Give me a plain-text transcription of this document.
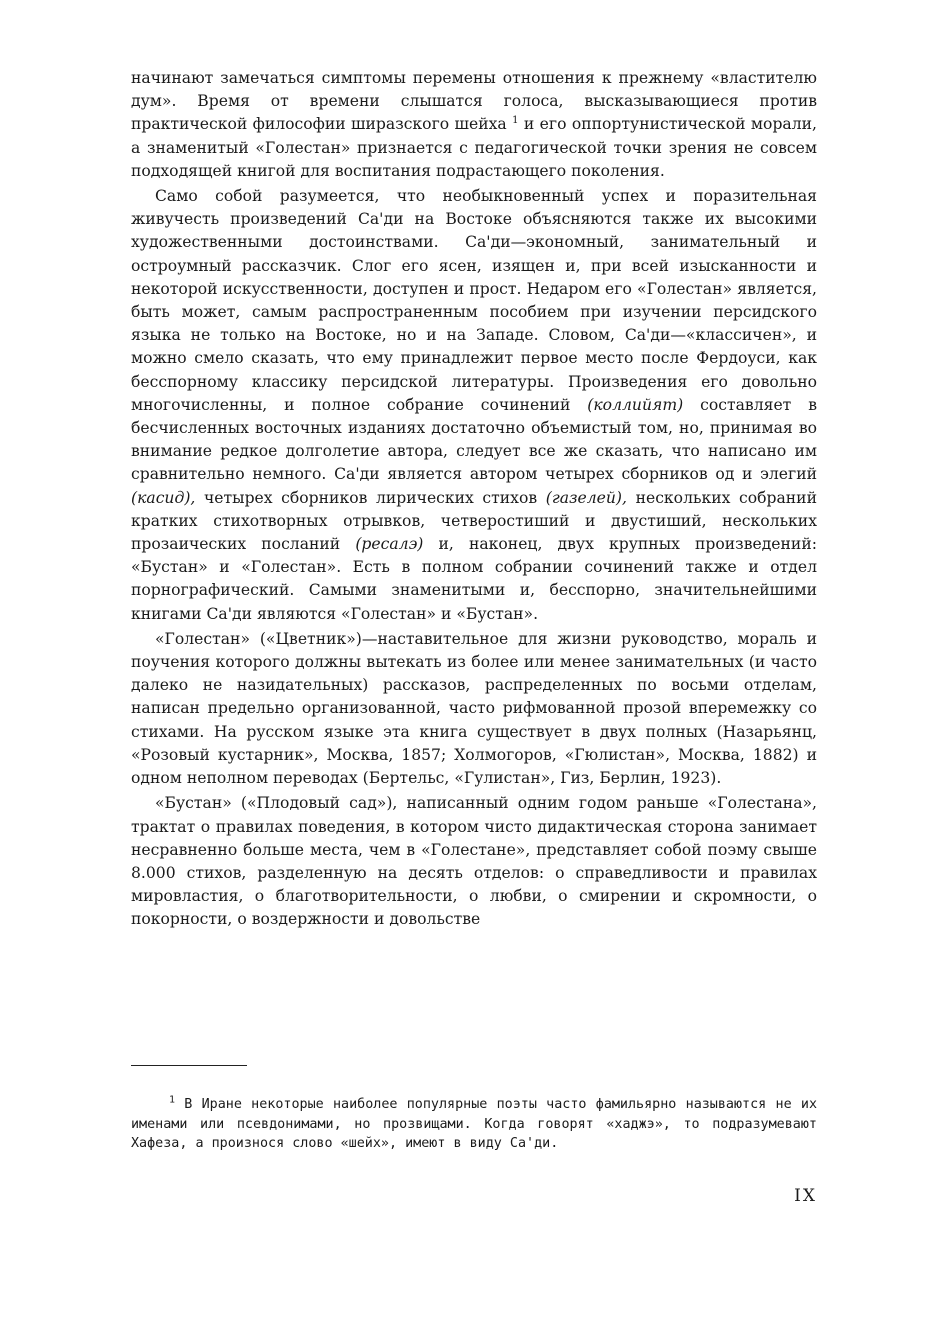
начинают замечаться симптомы перемены отношения к прежнему «властителю дум». Время от времени слышатся голоса, высказывающиеся против практической философии ширазского шейха $^1$ и его оппортунистической морали, а знаменитый «Голестан» признается с педагогической точки зрения не совсем подходящей книгой для воспитания подрастающего поколения.

Само собой разумеется, что необыкновенный успех и поразительная живучесть произведений Са'ди на Востоке объясняются также их высокими художественными достоинствами. Са'ди—экономный, занимательный и остроумный рассказчик. Слог его ясен, изящен и, при всей изысканности и некоторой искусственности, доступен и прост. Недаром его «Голестан» является, быть может, самым распространенным пособием при изучении персидского языка не только на Востоке, но и на Западе. Словом, Са'ди—«классичен», и можно смело сказать, что ему принадлежит первое место после Фердоуси, как бесспорному классику персидской литературы. Произведения его довольно многочисленны, и полное собрание сочинений (коллийят) составляет в бесчисленных восточных изданиях достаточно объемистый том, но, принимая во внимание редкое долголетие автора, следует все же сказать, что написано им сравнительно немного. Са'ди является автором четырех сборников од и элегий (касид), четырех сборников лирических стихов (газелей), нескольких собраний кратких стихотворных отрывков, четверостиший и двустиший, нескольких прозаических посланий (ресалэ) и, наконец, двух крупных произведений: «Бустан» и «Голестан». Есть в полном собрании сочинений также и отдел порнографический. Самыми знаменитыми и, бесспорно, значительнейшими книгами Са'ди являются «Голестан» и «Бустан».

«Голестан» («Цветник»)—наставительное для жизни руководство, мораль и поучения которого должны вытекать из более или менее занимательных (и часто далеко не назидательных) рассказов, распределенных по восьми отделам, написан предельно организованной, часто рифмованной прозой вперемежку со стихами. На русском языке эта книга существует в двух полных (Назарьянц, «Розовый кустарник», Москва, 1857; Холмогоров, «Гюлистан», Москва, 1882) и одном неполном переводах (Бертельс, «Гулистан», Гиз, Берлин, 1923).

«Бустан» («Плодовый сад»), написанный одним годом раньше «Голестана», трактат о правилах поведения, в котором чисто дидактическая сторона занимает несравненно больше места, чем в «Голестане», представляет собой поэму свыше 8.000 стихов, разделенную на десять отделов: о справедливости и правилах мировластия, о благотворительности, о любви, о смирении и скромности, о покорности, о воздержности и довольстве

$^1$ В Иране некоторые наиболее популярные поэты часто фамильярно называются не их именами или псевдонимами, но прозвищами. Когда говорят «хаджэ», то подразумевают Хафеза, а произнося слово «шейх», имеют в виду Са'ди.

IX
